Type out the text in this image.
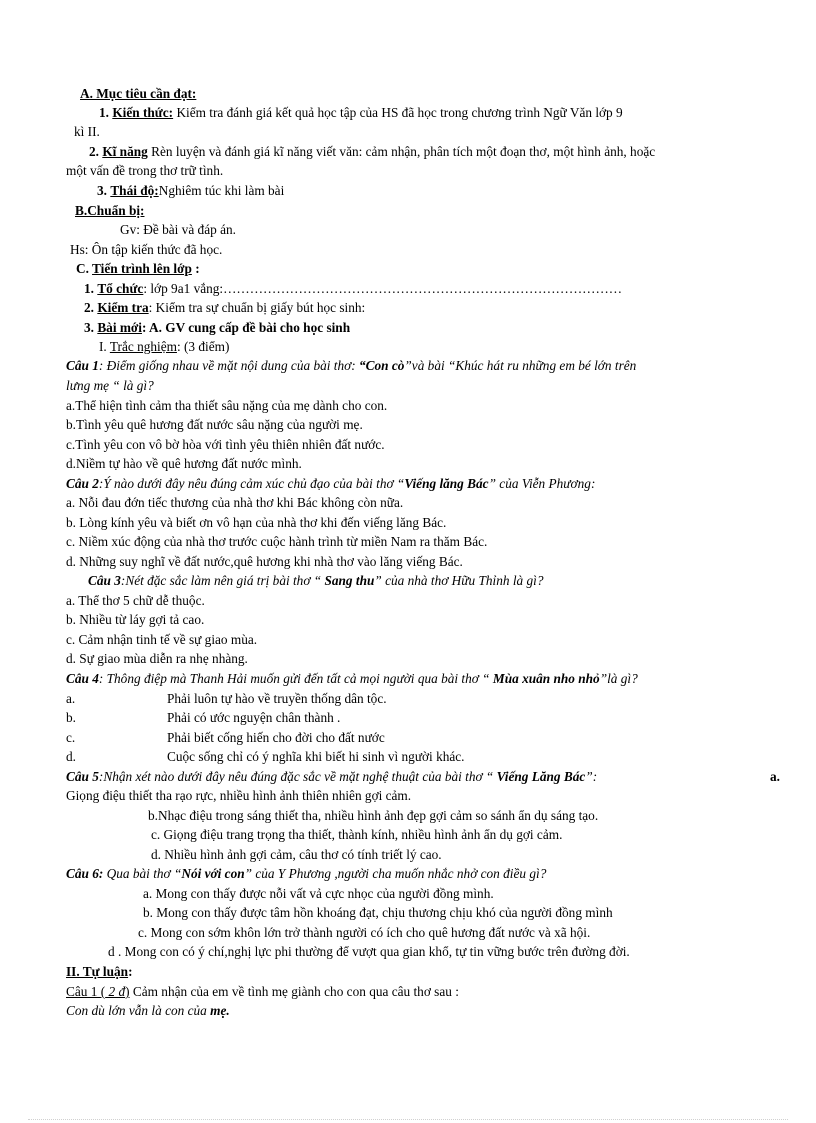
A. Mục tiêu cần đạt:
1. Kiến thức: Kiểm tra đánh giá kết quả học tập của HS đã học trong chương trình Ngữ Văn lớp 9
kì II.
2. Kĩ năng Rèn luyện và đánh giá kĩ năng viết văn: cảm nhận, phân tích một đoạn thơ, một hình ảnh, hoặc
một vấn đề trong thơ trữ tình.
3. Thái độ:Nghiêm túc khi làm bài
B.Chuẩn bị:
Gv: Đề bài và đáp án.
Hs: Ôn tập kiến thức đã học.
C. Tiến trình lên lớp :
1. Tổ chức: lớp 9a1 vắng:………………………………………………………………………………
2. Kiểm tra: Kiểm tra sự chuẩn bị giấy bút học sinh:
3. Bài mới: A. GV cung cấp đề bài cho học sinh
I. Trắc nghiệm: (3 điểm)
Câu 1: Điểm giống nhau về mặt nội dung của bài thơ: “Con cò”và bài “Khúc hát ru những em bé lớn trên
lưng mẹ “ là gì?
a.Thể hiện tình cảm tha thiết sâu nặng của mẹ dành cho con.
b.Tình yêu quê hương đất nước sâu nặng của người mẹ.
c.Tình yêu con vô bờ hòa với tình yêu thiên nhiên đất nước.
d.Niềm tự hào về quê hương đất nước mình.
Câu 2:Ý nào dưới đây nêu đúng cảm xúc chủ đạo của bài thơ “Viếng lăng Bác” của Viễn Phương:
a. Nỗi đau đớn tiếc thương của nhà thơ khi Bác không còn nữa.
b. Lòng kính yêu và biết ơn vô hạn của nhà thơ khi đến viếng lăng Bác.
c. Niềm xúc động của nhà thơ trước cuộc hành trình từ miền Nam ra thăm Bác.
d. Những suy nghĩ về đất nước,quê hương khi nhà thơ vào lăng viếng Bác.
Câu 3:Nét đặc sắc làm nên giá trị bài thơ “ Sang thu” của nhà thơ Hữu Thỉnh là gì?
a. Thể thơ 5 chữ dễ thuộc.
b. Nhiều từ láy gợi tả cao.
c. Cảm nhận tinh tế về sự giao mùa.
d. Sự giao mùa diễn ra nhẹ nhàng.
Câu 4: Thông điệp mà Thanh Hải muốn gửi đến tất cả mọi người qua bài thơ “ Mùa xuân nho nhỏ”là gì?
a.	Phải luôn tự hào về truyền thống dân tộc.
b.	Phải có ước nguyện chân thành .
c.	Phải biết cống hiến cho đời cho đất nước
d.	Cuộc sống chỉ có ý nghĩa khi biết hi sinh vì người khác.
Câu 5:Nhận xét nào dưới đây nêu đúng đặc sắc về mặt nghệ thuật của bài thơ “ Viếng Lăng Bác”:	a.
Giọng điệu thiết tha rạo rực, nhiều hình ảnh thiên nhiên gợi cảm.
b.Nhạc điệu trong sáng thiết tha, nhiều hình ảnh đẹp gợi cảm so sánh ẩn dụ sáng tạo.
c. Giọng điệu trang trọng tha thiết, thành kính, nhiều hình ảnh ẩn dụ gợi cảm.
d. Nhiều hình ảnh gợi cảm, câu thơ có tính triết lý cao.
Câu 6: Qua bài thơ “Nói với con” của Y Phương ,người cha muốn nhắc nhở con điều gì?
a. Mong con thấy được nỗi vất vả cực nhọc của người đồng mình.
b. Mong con thấy được tâm hồn khoáng đạt, chịu thương chịu khó của người đồng mình
c. Mong con sớm khôn lớn trở thành người có ích cho quê hương đất nước và xã hội.
d . Mong con có ý chí,nghị lực phi thường để vượt qua gian khổ, tự tin vững bước trên đường đời.
II. Tự luận:
Câu 1 ( 2 đ) Cảm nhận của em về tình mẹ giành cho con qua câu thơ sau :
Con dù lớn vẫn là con của mẹ.
